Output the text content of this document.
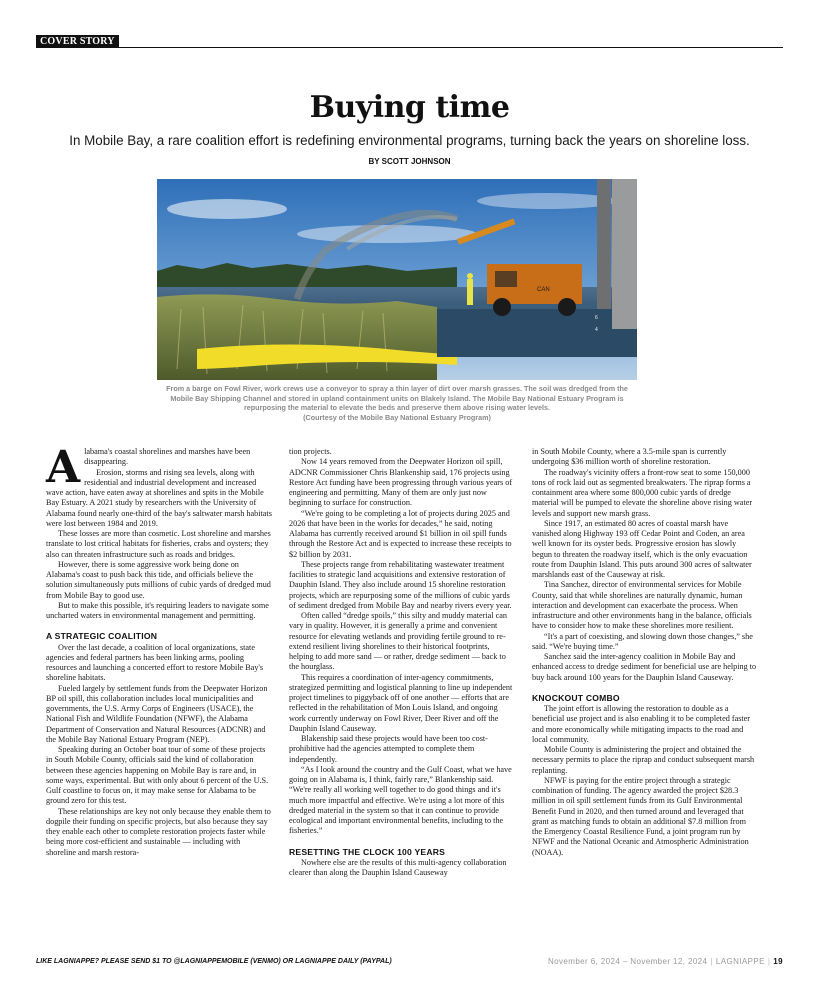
COVER STORY
Buying time
In Mobile Bay, a rare coalition effort is redefining environmental programs, turning back the years on shoreline loss.
BY SCOTT JOHNSON
CAN
6
4
From a barge on Fowl River, work crews use a conveyor to spray a thin layer of dirt over marsh grasses. The soil was dredged from the Mobile Bay Shipping Channel and stored in upland containment units on Blakely Island. The Mobile Bay National Estuary Program is repurposing the material to elevate the beds and preserve them above rising water levels.
(Courtesy of the Mobile Bay National Estuary Program)

Alabama's coastal shorelines and marshes have been disappearing.

Erosion, storms and rising sea levels, along with residential and industrial development and increased wave action, have eaten away at shorelines and spits in the Mobile Bay Estuary. A 2021 study by researchers with the University of Alabama found nearly one-third of the bay's saltwater marsh habitats were lost between 1984 and 2019.

These losses are more than cosmetic. Lost shoreline and marshes translate to lost critical habitats for fisheries, crabs and oysters; they also can threaten infrastructure such as roads and bridges.

However, there is some aggressive work being done on Alabama's coast to push back this tide, and officials believe the solution simultaneously puts millions of cubic yards of dredged mud from Mobile Bay to good use.

But to make this possible, it's requiring leaders to navigate some uncharted waters in environmental management and permitting.

A STRATEGIC COALITION

Over the last decade, a coalition of local organizations, state agencies and federal partners has been linking arms, pooling resources and launching a concerted effort to restore Mobile Bay's shoreline habitats.

Fueled largely by settlement funds from the Deepwater Horizon BP oil spill, this collaboration includes local municipalities and governments, the U.S. Army Corps of Engineers (USACE), the National Fish and Wildlife Foundation (NFWF), the Alabama Department of Conservation and Natural Resources (ADCNR) and the Mobile Bay National Estuary Program (NEP).

Speaking during an October boat tour of some of these projects in South Mobile County, officials said the kind of collaboration between these agencies happening on Mobile Bay is rare and, in some ways, experimental. But with only about 6 percent of the U.S. Gulf coastline to focus on, it may make sense for Alabama to be ground zero for this test.

These relationships are key not only because they enable them to dogpile their funding on specific projects, but also because they say they enable each other to complete restoration projects faster while being more cost-efficient and sustainable — including with shoreline and marsh restora-

tion projects.

Now 14 years removed from the Deepwater Horizon oil spill, ADCNR Commissioner Chris Blankenship said, 176 projects using Restore Act funding have been progressing through various years of engineering and permitting. Many of them are only just now beginning to surface for construction.

“We're going to be completing a lot of projects during 2025 and 2026 that have been in the works for decades,” he said, noting Alabama has currently received around $1 billion in oil spill funds through the Restore Act and is expected to increase these receipts to $2 billion by 2031.

These projects range from rehabilitating wastewater treatment facilities to strategic land acquisitions and extensive restoration of Dauphin Island. They also include around 15 shoreline restoration projects, which are repurposing some of the millions of cubic yards of sediment dredged from Mobile Bay and nearby rivers every year.

Often called “dredge spoils,” this silty and muddy material can vary in quality. However, it is generally a prime and convenient resource for elevating wetlands and providing fertile ground to re-extend resilient living shorelines to their historical footprints, helping to add more sand — or rather, dredge sediment — back to the hourglass.

This requires a coordination of inter-agency commitments, strategized permitting and logistical planning to line up independent project timelines to piggyback off of one another — efforts that are reflected in the rehabilitation of Mon Louis Island, and ongoing work currently underway on Fowl River, Deer River and off the Dauphin Island Causeway.

Blakenship said these projects would have been too cost-prohibitive had the agencies attempted to complete them independently.

“As I look around the country and the Gulf Coast, what we have going on in Alabama is, I think, fairly rare,” Blankenship said. “We're really all working well together to do good things and it's much more impactful and effective. We're using a lot more of this dredged material in the system so that it can continue to provide ecological and important environmental benefits, including to the fisheries.”

RESETTING THE CLOCK 100 YEARS

Nowhere else are the results of this multi-agency collaboration clearer than along the Dauphin Island Causeway

in South Mobile County, where a 3.5-mile span is currently undergoing $36 million worth of shoreline restoration.

The roadway's vicinity offers a front-row seat to some 150,000 tons of rock laid out as segmented breakwaters. The riprap forms a containment area where some 800,000 cubic yards of dredge material will be pumped to elevate the shoreline above rising water levels and support new marsh grass.

Since 1917, an estimated 80 acres of coastal marsh have vanished along Highway 193 off Cedar Point and Coden, an area well known for its oyster beds. Progressive erosion has slowly begun to threaten the roadway itself, which is the only evacuation route from Dauphin Island. This puts around 300 acres of saltwater marshlands east of the Causeway at risk.

Tina Sanchez, director of environmental services for Mobile County, said that while shorelines are naturally dynamic, human interaction and development can exacerbate the process. When infrastructure and other environments hang in the balance, officials have to consider how to make these shorelines more resilient.

“It's a part of coexisting, and slowing down those changes,” she said. “We're buying time.”

Sanchez said the inter-agency coalition in Mobile Bay and enhanced access to dredge sediment for beneficial use are helping to buy back around 100 years for the Dauphin Island Causeway.

KNOCKOUT COMBO

The joint effort is allowing the restoration to double as a beneficial use project and is also enabling it to be completed faster and more economically while mitigating impacts to the road and local community.

Mobile County is administering the project and obtained the necessary permits to place the riprap and conduct subsequent marsh replanting.

NFWF is paying for the entire project through a strategic combination of funding. The agency awarded the project $28.3 million in oil spill settlement funds from its Gulf Environmental Benefit Fund in 2020, and then turned around and leveraged that grant as matching funds to obtain an additional $7.8 million from the Emergency Coastal Resilience Fund, a joint program run by NFWF and the National Oceanic and Atmospheric Administration (NOAA).

LIKE LAGNIAPPE? PLEASE SEND $1 TO @LAGNIAPPEMOBILE (VENMO) OR LAGNIAPPE DAILY (PAYPAL)	November 6, 2024 – November 12, 2024 | LAGNIAPPE | 19
